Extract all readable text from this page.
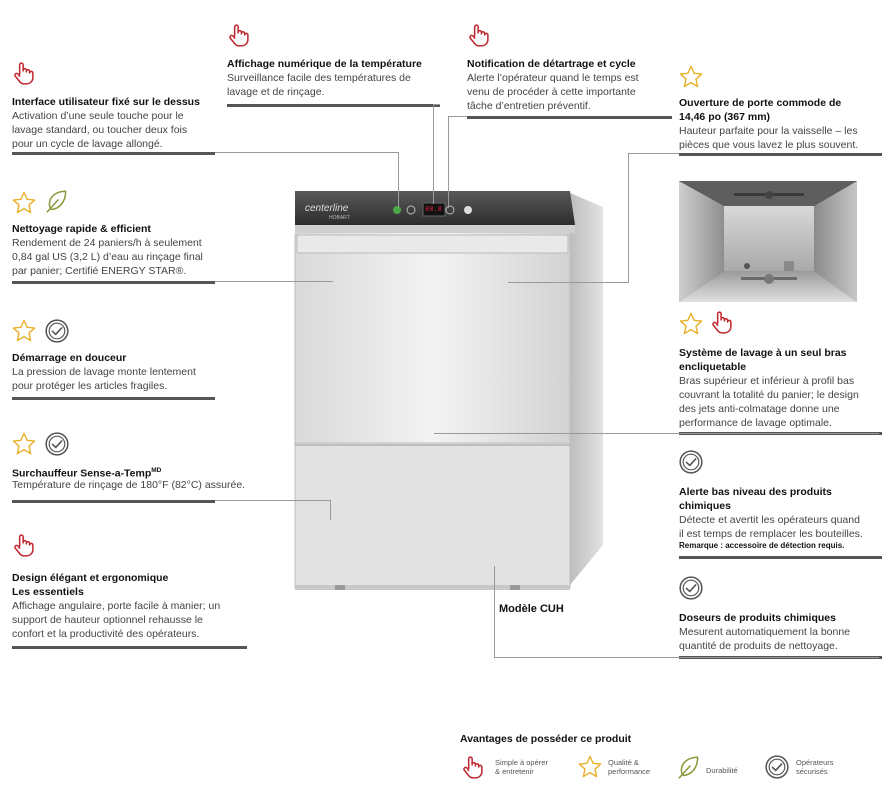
Interface utilisateur fixé sur le dessus
Activation d’une seule touche pour le
lavage standard, ou toucher deux fois
pour un cycle de lavage allongé.
Nettoyage rapide & efficient
Rendement de 24 paniers/h à seulement
0,84 gal US (3,2 L) d’eau au rinçage final
par panier; Certifié ENERGY STAR®.
Démarrage en douceur
La pression de lavage monte lentement
pour protéger les articles fragiles.
Surchauffeur Sense-a-Temp$^{MD}$
Température de rinçage de 180°F (82°C) assurée.
Design élégant et ergonomique
Les essentiels
Affichage angulaire, porte facile à manier; un
support de hauteur optionnel rehausse le
confort et la productivité des opérateurs.
Affichage numérique de la température
Surveillance facile des températures de
lavage et de rinçage.
Notification de détartrage et cycle
Alerte l’opérateur quand le temps est
venu de procéder à cette importante
tâche d’entretien préventif.	Ouverture de porte commode de
14,46 po (367 mm)
Hauteur parfaite pour la vaisselle – les
pièces que vous lavez le plus souvent.
Système de lavage à un seul bras
encliquetable
Bras supérieur et inférieur à profil bas
couvrant la totalité du panier; le design
des jets anti-colmatage donne une
performance de lavage optimale.
Alerte bas niveau des produits
chimiques
Détecte et avertit les opérateurs quand
il est temps de remplacer les bouteilles.
Remarque : accessoire de détection requis.
Doseurs de produits chimiques
Mesurent automatiquement la bonne
quantité de produits de nettoyage.
centerline
HOBART
88.8
Modèle CUH
Avantages de posséder ce produit
Simple à opérer
& entretenir
Qualité &
performance	Durabilité
Opérateurs
sécurisés
